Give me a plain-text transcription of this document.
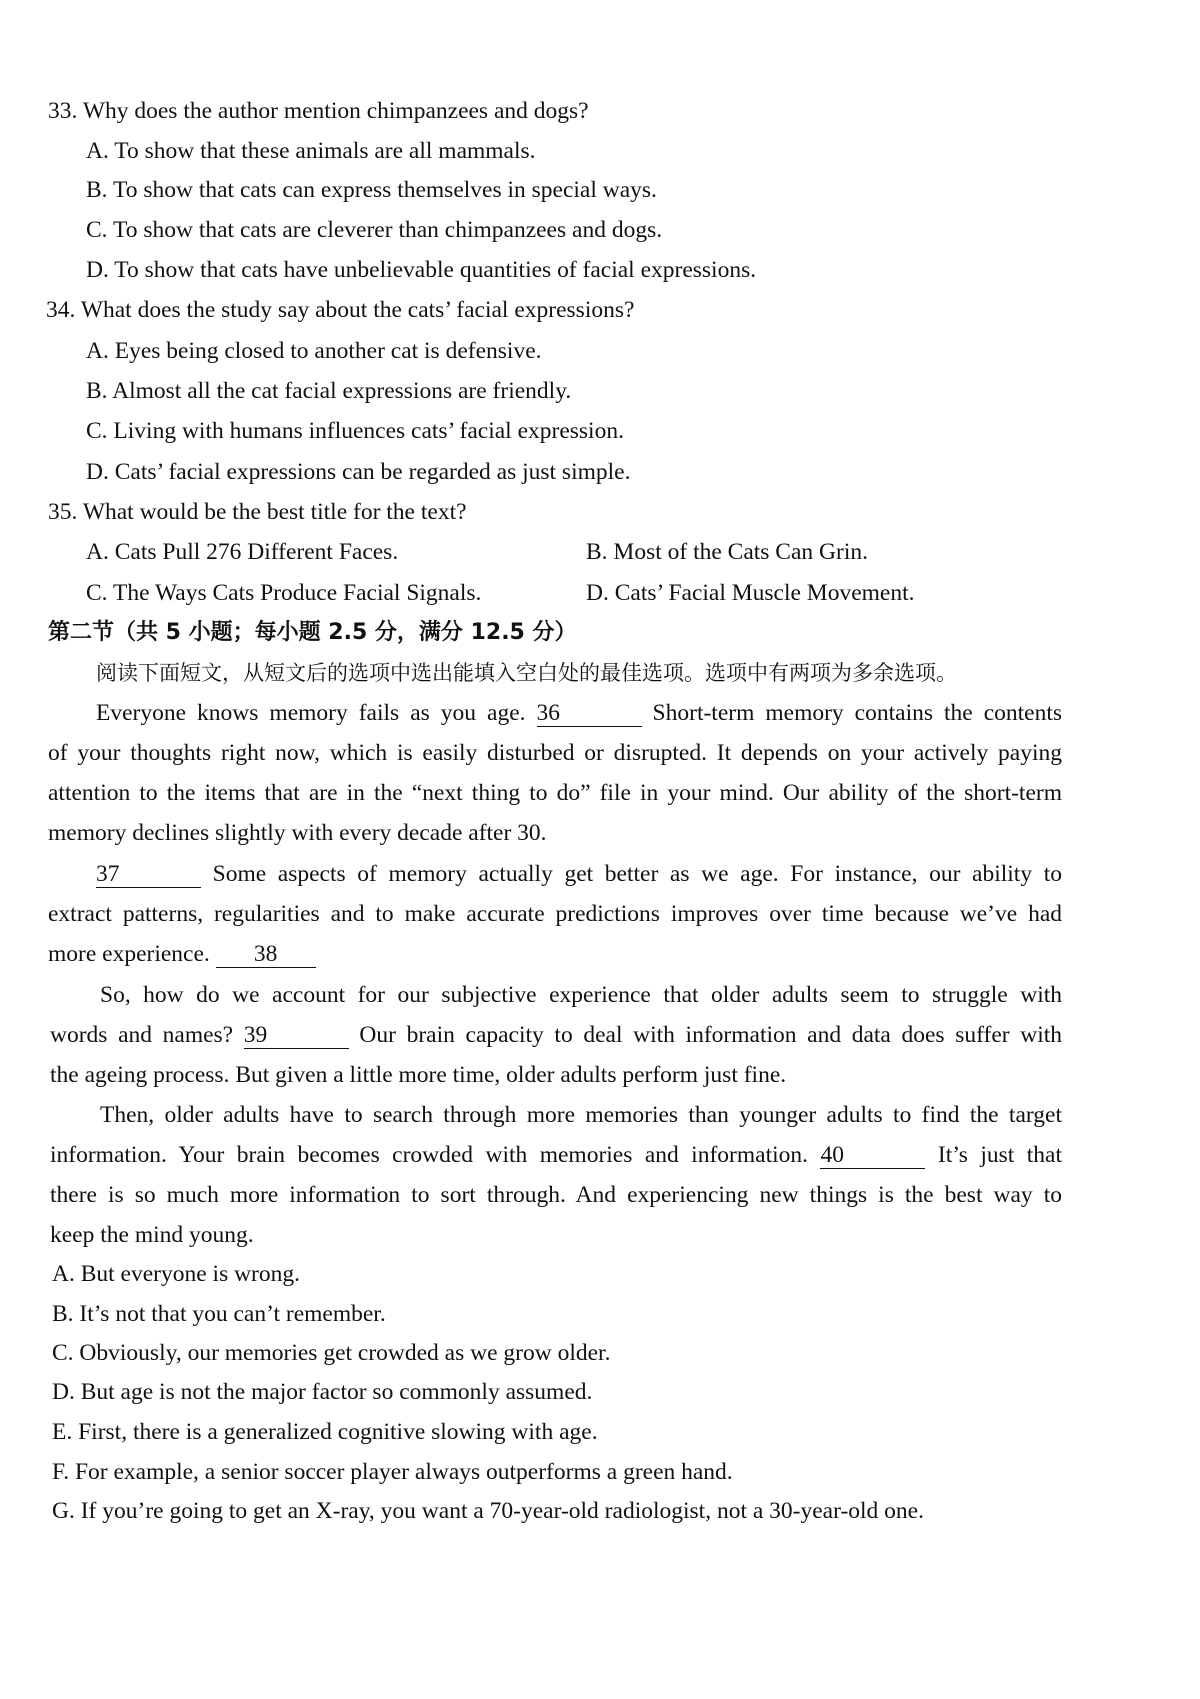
33. Why does the author mention chimpanzees and dogs?

A. To show that these animals are all mammals.

B. To show that cats can express themselves in special ways.

C. To show that cats are cleverer than chimpanzees and dogs.

D. To show that cats have unbelievable quantities of facial expressions.

34. What does the study say about the cats’ facial expressions?

A. Eyes being closed to another cat is defensive.

B. Almost all the cat facial expressions are friendly.

C. Living with humans influences cats’ facial expression.

D. Cats’ facial expressions can be regarded as just simple.

35. What would be the best title for the text?

A. Cats Pull 276 Different Faces.	B. Most of the Cats Can Grin.

C. The Ways Cats Produce Facial Signals.	D. Cats’ Facial Muscle Movement.

第二节（共 5 小题；每小题 2.5 分，满分 12.5 分）

阅读下面短文，从短文后的选项中选出能填入空白处的最佳选项。选项中有两项为多余选项。

Everyone knows memory fails as you age. 36	Short-term memory contains the contents
of your thoughts right now, which is easily disturbed or disrupted. It depends on your actively paying
attention to the items that are in the “next thing to do” file in your mind. Our ability of the short-term

memory declines slightly with every decade after 30.

37	Some aspects of memory actually get better as we age. For instance, our ability to
extract patterns, regularities and to make accurate predictions improves over time because we’ve had

more experience. 38

So, how do we account for our subjective experience that older adults seem to struggle with
words and names? 39	Our brain capacity to deal with information and data does suffer with

the ageing process. But given a little more time, older adults perform just fine.

Then, older adults have to search through more memories than younger adults to find the target
information. Your brain becomes crowded with memories and information. 40	It’s just that
there is so much more information to sort through. And experiencing new things is the best way to

keep the mind young.

A. But everyone is wrong.

B. It’s not that you can’t remember.

C. Obviously, our memories get crowded as we grow older.

D. But age is not the major factor so commonly assumed.

E. First, there is a generalized cognitive slowing with age.

F. For example, a senior soccer player always outperforms a green hand.

G. If you’re going to get an X-ray, you want a 70-year-old radiologist, not a 30-year-old one.
